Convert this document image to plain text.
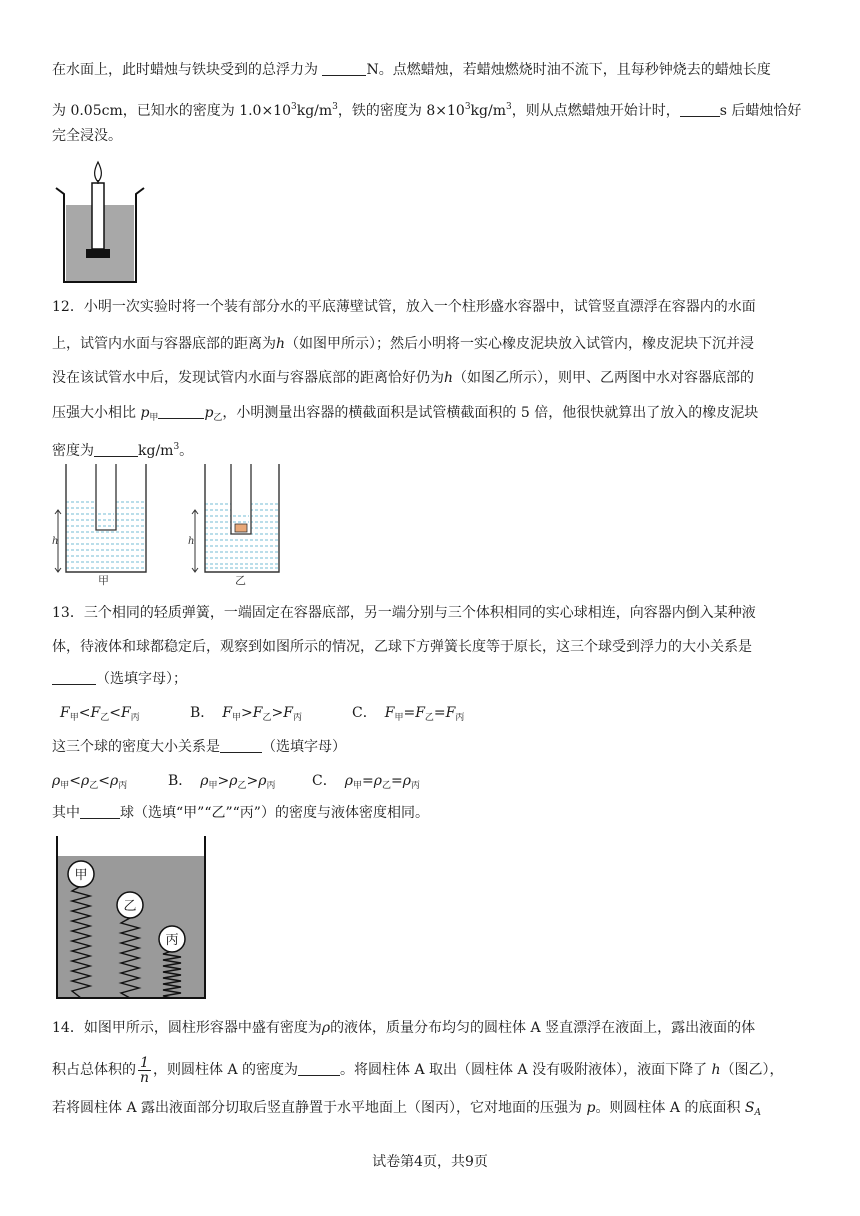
在水面上，此时蜡烛与铁块受到的总浮力为	N。点燃蜡烛，若蜡烛燃烧时油不流下，且每秒钟烧去的蜡烛长度
为 0.05cm，已知水的密度为 $1.0\times 10^3kg/m^3$，铁的密度为 $8\times 10^3kg/m^3$，则从点燃蜡烛开始计时，	s 后蜡烛恰好
完全浸没。
12．小明一次实验时将一个装有部分水的平底薄壁试管，放入一个柱形盛水容器中，试管竖直漂浮在容器内的水面
上，试管内水面与容器底部的距离为h（如图甲所示）；然后小明将一实心橡皮泥块放入试管内，橡皮泥块下沉并浸
没在该试管水中后，发现试管内水面与容器底部的距离恰好仍为h（如图乙所示），则甲、乙两图中水对容器底部的
压强大小相比 $p_甲$	$p_乙$，小明测量出容器的横截面积是试管横截面积的 5 倍，他很快就算出了放入的橡皮泥块
密度为	$kg/m^3$。
h
甲
h
乙
13．三个相同的轻质弹簧，一端固定在容器底部，另一端分别与三个体积相同的实心球相连，向容器内倒入某种液
体，待液体和球都稳定后，观察到如图所示的情况，乙球下方弹簧长度等于原长，这三个球受到浮力的大小关系是
（选填字母）；
$F_甲<F_乙<F_丙$	B． $F_甲>F_乙>F_丙$	C． $F_甲=F_乙=F_丙$
这三个球的密度大小关系是	（选填字母）
$\rho_甲<\rho_乙<\rho_丙$	B． $\rho_甲>\rho_乙>\rho_丙$	C． $\rho_甲=\rho_乙=\rho_丙$
其中	球（选填“甲”“乙”“丙”）的密度与液体密度相同。
甲
乙
丙
14．如图甲所示，圆柱形容器中盛有密度为ρ的液体，质量分布均匀的圆柱体 A 竖直漂浮在液面上，露出液面的体
积占总体积的 $\frac{1}{n}$ ，则圆柱体 A 的密度为	。将圆柱体 A 取出（圆柱体 A 没有吸附液体），液面下降了 h（图乙），
若将圆柱体 A 露出液面部分切取后竖直静置于水平地面上（图丙），它对地面的压强为 p。则圆柱体 A 的底面积 $S_A$
试卷第4页，共9页
